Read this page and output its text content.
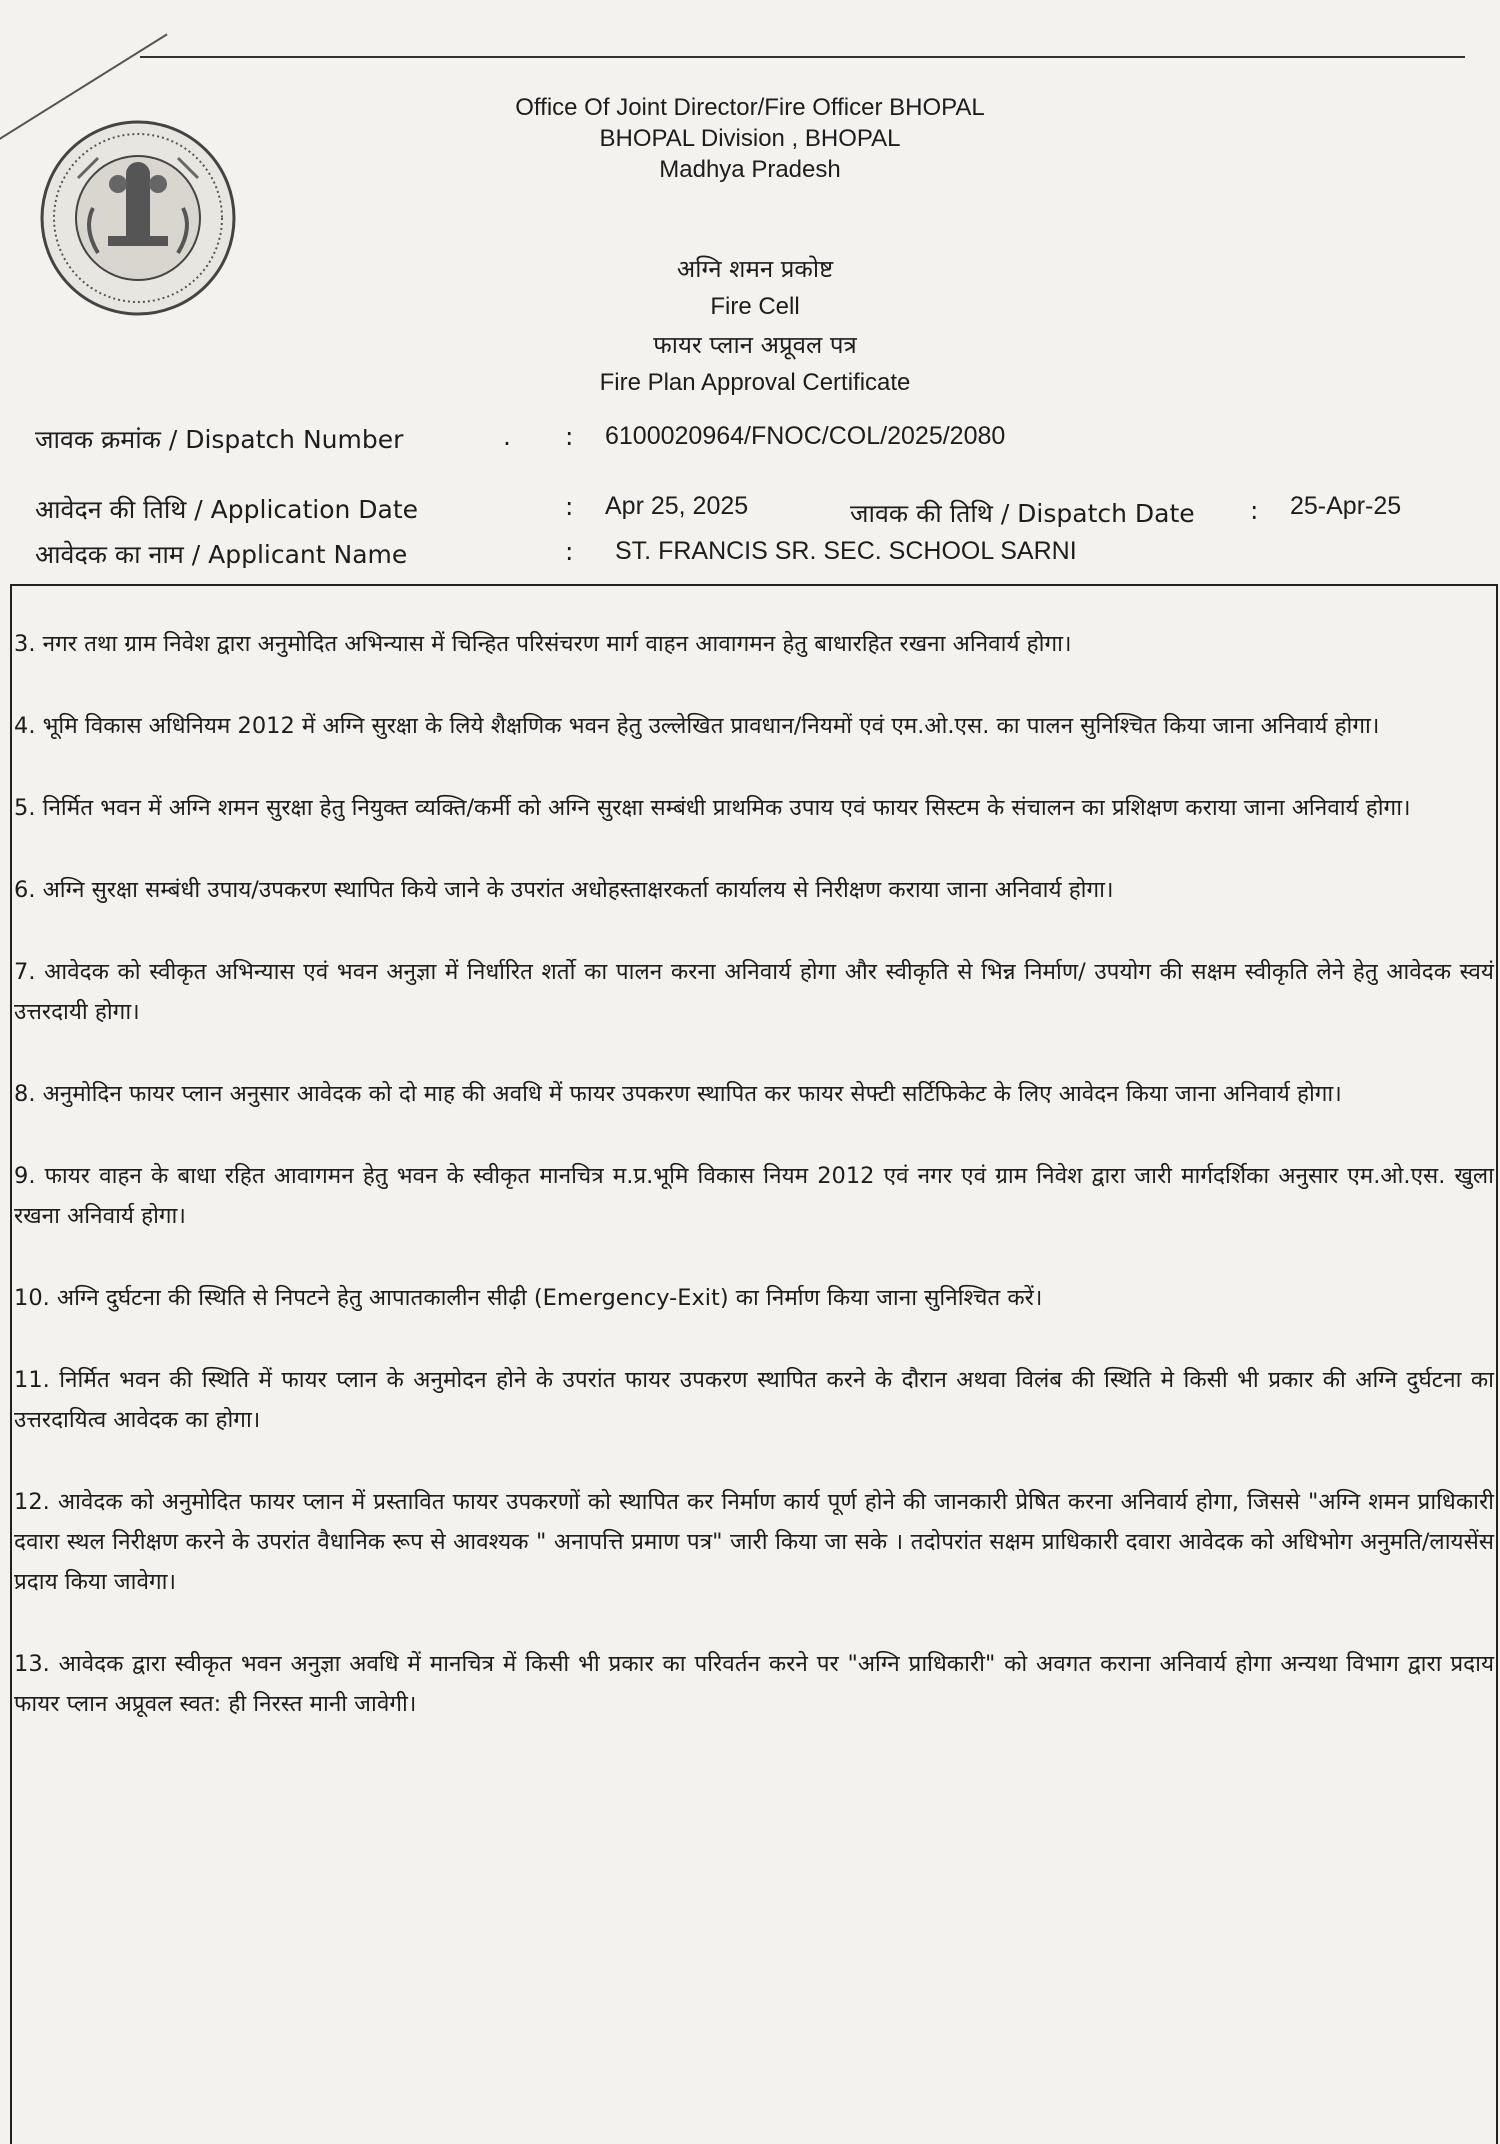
Office Of Joint Director/Fire Officer BHOPAL
BHOPAL Division , BHOPAL
Madhya Pradesh
अग्नि शमन प्रकोष्ट
Fire Cell
फायर प्लान अप्रूवल पत्र
Fire Plan Approval Certificate
जावक क्रमांक / Dispatch Number	. : 6100020964/FNOC/COL/2025/2080
आवेदन की तिथि / Application Date	: Apr 25, 2025	जावक की तिथि / Dispatch Date : 25-Apr-25
आवेदक का नाम / Applicant Name	: ST. FRANCIS SR. SEC. SCHOOL SARNI

3. नगर तथा ग्राम निवेश द्वारा अनुमोदित अभिन्यास में चिन्हित परिसंचरण मार्ग वाहन आवागमन हेतु बाधारहित रखना अनिवार्य होगा।

4. भूमि विकास अधिनियम 2012 में अग्नि सुरक्षा के लिये शैक्षणिक भवन हेतु उल्लेखित प्रावधान/नियमों एवं एम.ओ.एस. का पालन सुनिश्चित किया जाना अनिवार्य होगा।

5. निर्मित भवन में अग्नि शमन सुरक्षा हेतु नियुक्त व्यक्ति/कर्मी को अग्नि सुरक्षा सम्बंधी प्राथमिक उपाय एवं फायर सिस्टम के संचालन का प्रशिक्षण कराया जाना अनिवार्य होगा।

6. अग्नि सुरक्षा सम्बंधी उपाय/उपकरण स्थापित किये जाने के उपरांत अधोहस्ताक्षरकर्ता कार्यालय से निरीक्षण कराया जाना अनिवार्य होगा।

7. आवेदक को स्वीकृत अभिन्यास एवं भवन अनुज्ञा में निर्धारित शर्तो का पालन करना अनिवार्य होगा और स्वीकृति से भिन्न निर्माण/ उपयोग की सक्षम स्वीकृति लेने हेतु आवेदक स्वयं उत्तरदायी होगा।

8. अनुमोदिन फायर प्लान अनुसार आवेदक को दो माह की अवधि में फायर उपकरण स्थापित कर फायर सेफ्टी सर्टिफिकेट के लिए आवेदन किया जाना अनिवार्य होगा।

9. फायर वाहन के बाधा रहित आवागमन हेतु भवन के स्वीकृत मानचित्र म.प्र.भूमि विकास नियम 2012 एवं नगर एवं ग्राम निवेश द्वारा जारी मार्गदर्शिका अनुसार एम.ओ.एस. खुला रखना अनिवार्य होगा।

10. अग्नि दुर्घटना की स्थिति से निपटने हेतु आपातकालीन सीढ़ी (Emergency-Exit) का निर्माण किया जाना सुनिश्चित करें।

11. निर्मित भवन की स्थिति में फायर प्लान के अनुमोदन होने के उपरांत फायर उपकरण स्थापित करने के दौरान अथवा विलंब की स्थिति मे किसी भी प्रकार की अग्नि दुर्घटना का उत्तरदायित्व आवेदक का होगा।

12. आवेदक को अनुमोदित फायर प्लान में प्रस्तावित फायर उपकरणों को स्थापित कर निर्माण कार्य पूर्ण होने की जानकारी प्रेषित करना अनिवार्य होगा, जिससे "अग्नि शमन प्राधिकारी दवारा स्थल निरीक्षण करने के उपरांत वैधानिक रूप से आवश्यक " अनापत्ति प्रमाण पत्र" जारी किया जा सके । तदोपरांत सक्षम प्राधिकारी दवारा आवेदक को अधिभोग अनुमति/लायसेंस प्रदाय किया जावेगा।

13. आवेदक द्वारा स्वीकृत भवन अनुज्ञा अवधि में मानचित्र में किसी भी प्रकार का परिवर्तन करने पर "अग्नि प्राधिकारी" को अवगत कराना अनिवार्य होगा अन्यथा विभाग द्वारा प्रदाय फायर प्लान अप्रूवल स्वत: ही निरस्त मानी जावेगी।
